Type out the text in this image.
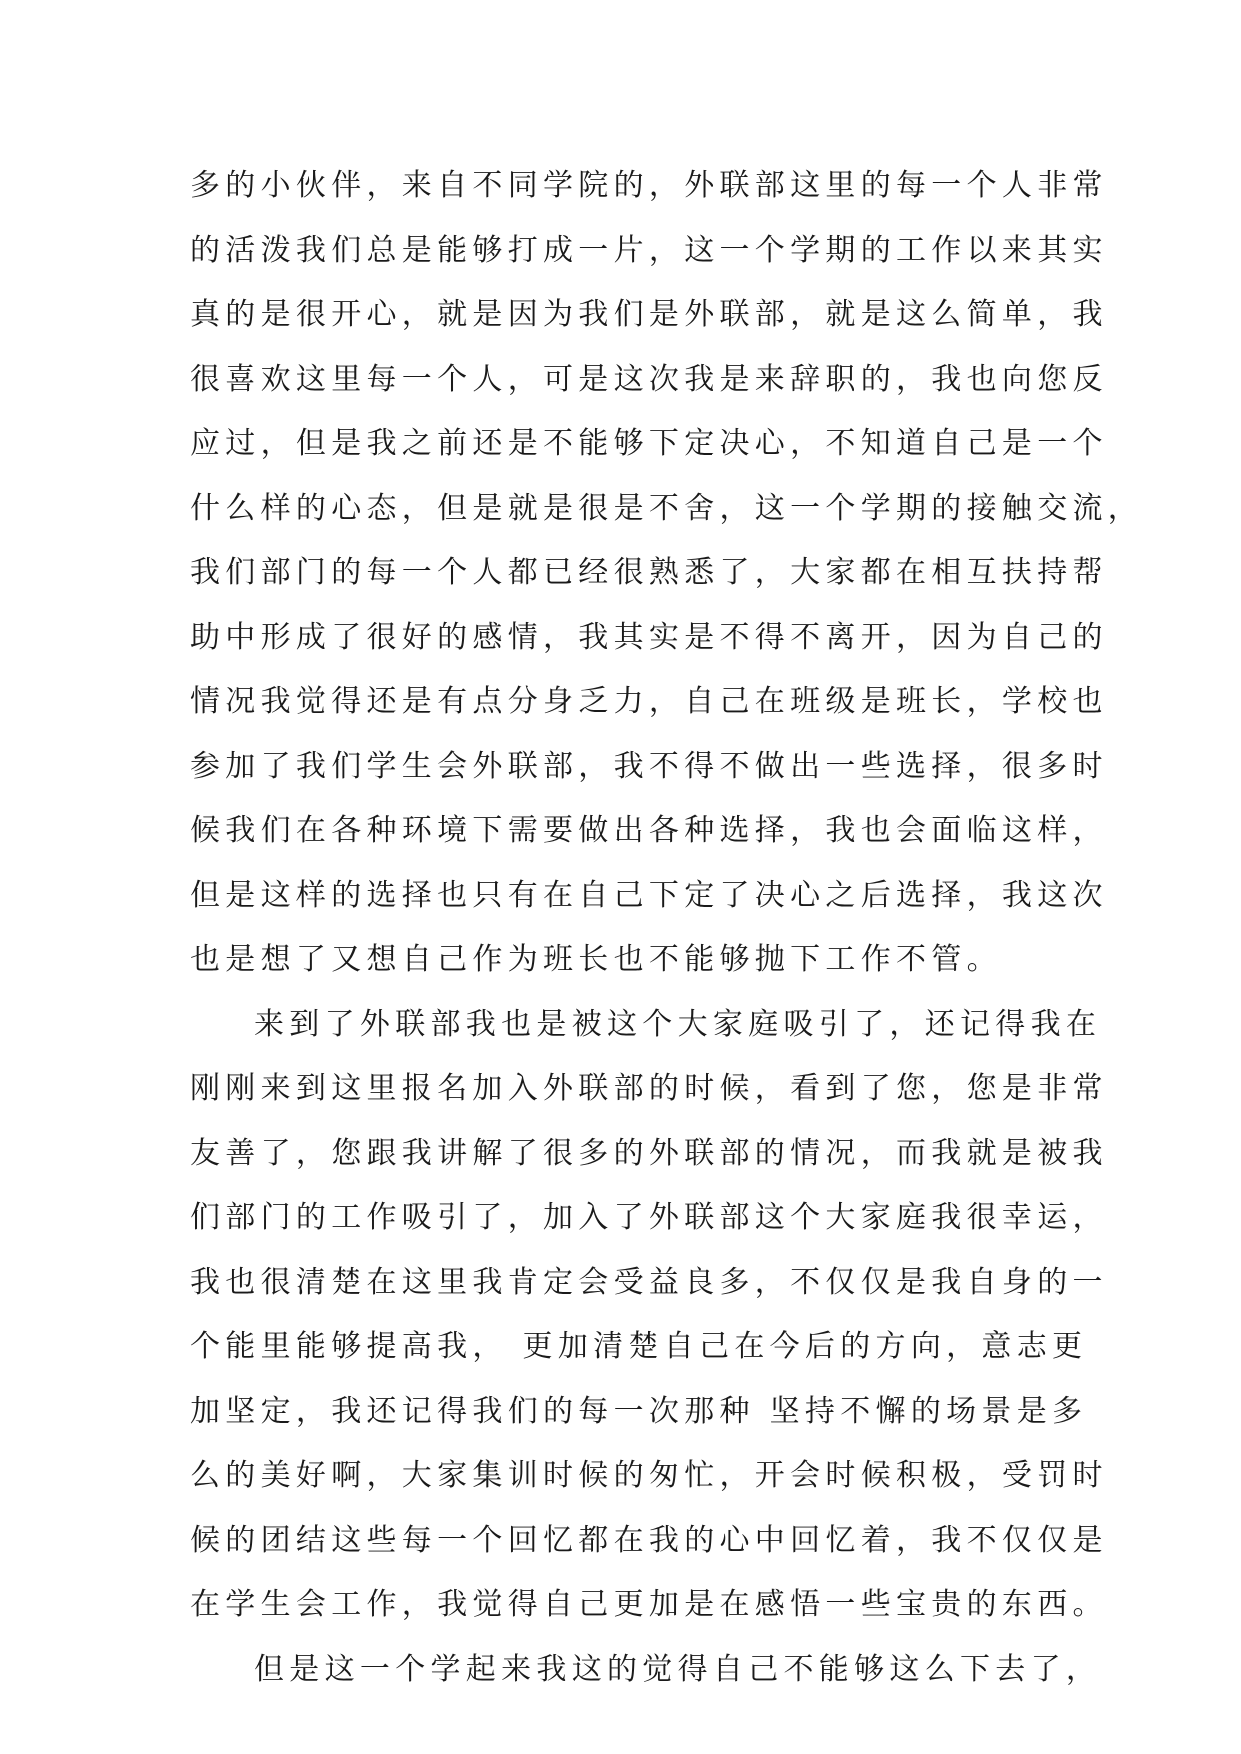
多的小伙伴，来自不同学院的，外联部这里的每一个人非常
的活泼我们总是能够打成一片，这一个学期的工作以来其实
真的是很开心，就是因为我们是外联部，就是这么简单，我
很喜欢这里每一个人，可是这次我是来辞职的，我也向您反
应过，但是我之前还是不能够下定决心，不知道自己是一个
什么样的心态，但是就是很是不舍，这一个学期的接触交流，
我们部门的每一个人都已经很熟悉了，大家都在相互扶持帮
助中形成了很好的感情，我其实是不得不离开，因为自己的
情况我觉得还是有点分身乏力，自己在班级是班长，学校也
参加了我们学生会外联部，我不得不做出一些选择，很多时
候我们在各种环境下需要做出各种选择，我也会面临这样，
但是这样的选择也只有在自己下定了决心之后选择，我这次
也是想了又想自己作为班长也不能够抛下工作不管。
来到了外联部我也是被这个大家庭吸引了，还记得我在
刚刚来到这里报名加入外联部的时候，看到了您，您是非常
友善了，您跟我讲解了很多的外联部的情况，而我就是被我
们部门的工作吸引了，加入了外联部这个大家庭我很幸运，
我也很清楚在这里我肯定会受益良多，不仅仅是我自身的一
个能里能够提高我， 更加清楚自己在今后的方向，意志更
加坚定，我还记得我们的每一次那种 坚持不懈的场景是多
么的美好啊，大家集训时候的匆忙，开会时候积极，受罚时
候的团结这些每一个回忆都在我的心中回忆着，我不仅仅是
在学生会工作，我觉得自己更加是在感悟一些宝贵的东西。
但是这一个学起来我这的觉得自己不能够这么下去了，
